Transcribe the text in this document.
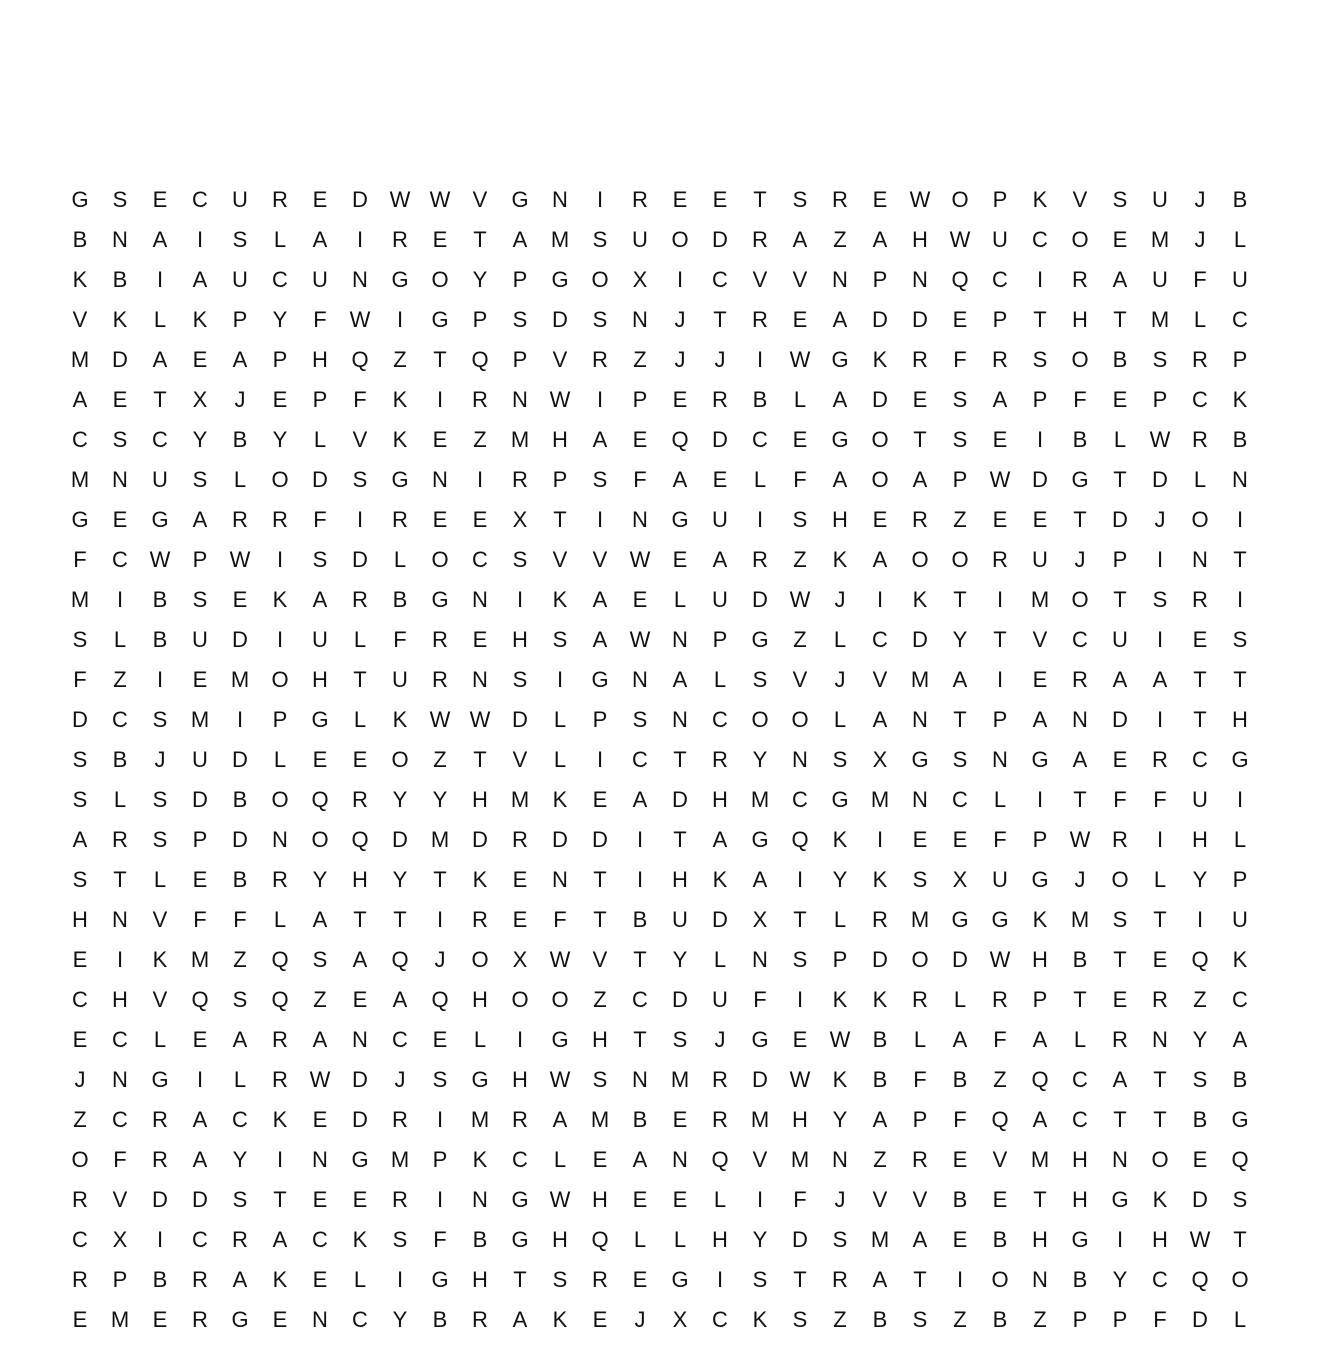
G	S	E	C	U	R	E	D W W	V	G	N	I	R	E	E	T	S	R	E	W O	P	K	V	S	U	J	B
B	N	A	I	S	L	A	I	R	E	T	A	M	S	U	O	D	R	A	Z	A	H W U	C	O	E	M	J	L
K	B	I	A	U	C	U	N	G	O	Y	P	G	O	X	I	C	V	V	N	P	N	Q	C	I	R	A	U	F	U
V	K	L	K	P	Y	F	W	I	G	P	S	D	S	N	J	T	R	E	A	D	D	E	P	T	H	T	M	L	C
M	D	A	E	A	P	H	Q	Z	T	Q	P	V	R	Z	J	J	I	W G	K	R	F	R	S	O	B	S	R	P
A	E	T	X	J	E	P	F	K	I	R	N W	I	P	E	R	B	L	A	D	E	S	A	P	F	E	P	C	K
C	S	C	Y	B	Y	L	V	K	E	Z	M	H	A	E	Q	D	C	E	G	O	T	S	E	I	B	L	W R	B
M	N	U	S	L	O	D	S	G	N	I	R	P	S	F	A	E	L	F	A	O	A	P	W D	G	T	D	L	N
G	E	G	A	R	R	F	I	R	E	E	X	T	I	N	G	U	I	S	H	E	R	Z	E	E	T	D	J	O	I
F	C W	P	W	I	S	D	L	O	C	S	V	V	W	E	A	R	Z	K	A	O	O	R	U	J	P	I	N	T
M	I	B	S	E	K	A	R	B	G	N	I	K	A	E	L	U	D W	J	I	K	T	I	M	O	T	S	R	I
S	L	B	U	D	I	U	L	F	R	E	H	S	A	W N	P	G	Z	L	C	D	Y	T	V	C	U	I	E	S
F	Z	I	E	M	O	H	T	U	R	N	S	I	G	N	A	L	S	V	J	V	M	A	I	E	R	A	A	T	T
D	C	S	M	I	P	G	L	K	W W D	L	P	S	N	C	O	O	L	A	N	T	P	A	N	D	I	T	H
S	B	J	U	D	L	E	E	O	Z	T	V	L	I	C	T	R	Y	N	S	X	G	S	N	G	A	E	R	C	G
S	L	S	D	B	O	Q	R	Y	Y	H	M	K	E	A	D	H	M	C	G	M	N	C	L	I	T	F	F	U	I
A	R	S	P	D	N	O	Q	D	M	D	R	D	D	I	T	A	G	Q	K	I	E	E	F	P	W R	I	H	L
S	T	L	E	B	R	Y	H	Y	T	K	E	N	T	I	H	K	A	I	Y	K	S	X	U	G	J	O	L	Y	P
H	N	V	F	F	L	A	T	T	I	R	E	F	T	B	U	D	X	T	L	R	M	G	G	K	M	S	T	I	U
E	I	K	M	Z	Q	S	A	Q	J	O	X	W	V	T	Y	L	N	S	P	D	O	D W H	B	T	E	Q	K
C	H	V	Q	S	Q	Z	E	A	Q	H	O	O	Z	C	D	U	F	I	K	K	R	L	R	P	T	E	R	Z	C
E	C	L	E	A	R	A	N	C	E	L	I	G	H	T	S	J	G	E	W	B	L	A	F	A	L	R	N	Y	A
J	N	G	I	L	R W D	J	S	G	H W	S	N	M	R	D W	K	B	F	B	Z	Q	C	A	T	S	B
Z	C	R	A	C	K	E	D	R	I	M	R	A	M	B	E	R	M	H	Y	A	P	F	Q	A	C	T	T	B	G
O	F	R	A	Y	I	N	G	M	P	K	C	L	E	A	N	Q	V	M	N	Z	R	E	V	M	H	N	O	E	Q
R	V	D	D	S	T	E	E	R	I	N	G W H	E	E	L	I	F	J	V	V	B	E	T	H	G	K	D	S
C	X	I	C	R	A	C	K	S	F	B	G	H	Q	L	L	H	Y	D	S	M	A	E	B	H	G	I	H W	T
R	P	B	R	A	K	E	L	I	G	H	T	S	R	E	G	I	S	T	R	A	T	I	O	N	B	Y	C	Q	O
E	M	E	R	G	E	N	C	Y	B	R	A	K	E	J	X	C	K	S	Z	B	S	Z	B	Z	P	P	F	D	L
